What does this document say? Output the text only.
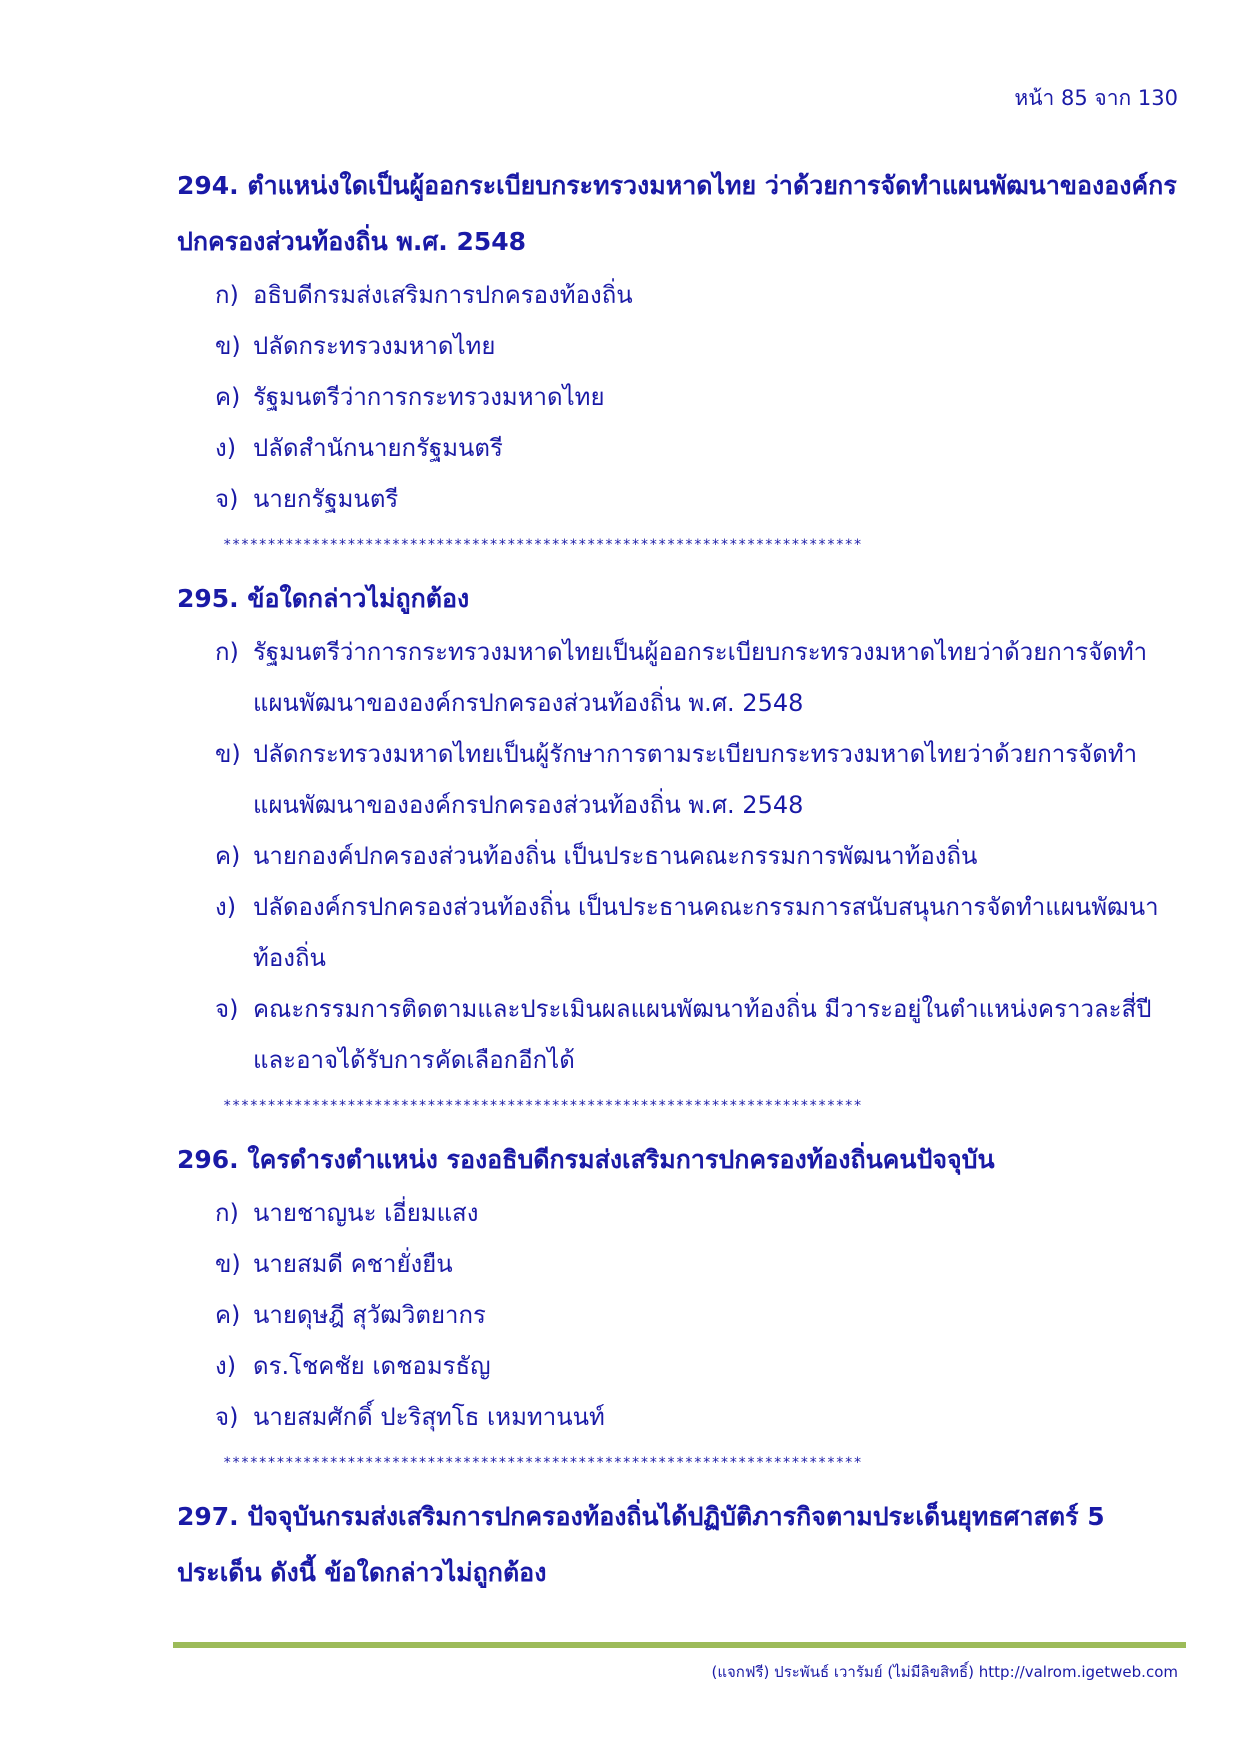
หน้า 85 จาก 130

294. ตำแหน่งใดเป็นผู้ออกระเบียบกระทรวงมหาดไทย ว่าด้วยการจัดทำแผนพัฒนาขององค์กรปกครองส่วนท้องถิ่น พ.ศ. 2548

ก) อธิบดีกรมส่งเสริมการปกครองท้องถิ่น
ข) ปลัดกระทรวงมหาดไทย
ค) รัฐมนตรีว่าการกระทรวงมหาดไทย
ง) ปลัดสำนักนายกรัฐมนตรี
จ) นายกรัฐมนตรี
************************************************************************

295. ข้อใดกล่าวไม่ถูกต้อง

ก) รัฐมนตรีว่าการกระทรวงมหาดไทยเป็นผู้ออกระเบียบกระทรวงมหาดไทยว่าด้วยการจัดทำแผนพัฒนาขององค์กรปกครองส่วนท้องถิ่น พ.ศ. 2548
ข) ปลัดกระทรวงมหาดไทยเป็นผู้รักษาการตามระเบียบกระทรวงมหาดไทยว่าด้วยการจัดทำแผนพัฒนาขององค์กรปกครองส่วนท้องถิ่น พ.ศ. 2548
ค) นายกองค์ปกครองส่วนท้องถิ่น เป็นประธานคณะกรรมการพัฒนาท้องถิ่น
ง) ปลัดองค์กรปกครองส่วนท้องถิ่น เป็นประธานคณะกรรมการสนับสนุนการจัดทำแผนพัฒนาท้องถิ่น
จ) คณะกรรมการติดตามและประเมินผลแผนพัฒนาท้องถิ่น มีวาระอยู่ในตำแหน่งคราวละสี่ปีและอาจได้รับการคัดเลือกอีกได้
************************************************************************

296. ใครดำรงตำแหน่ง รองอธิบดีกรมส่งเสริมการปกครองท้องถิ่นคนปัจจุบัน

ก) นายชาญนะ เอี่ยมแสง
ข) นายสมดี คชายั่งยืน
ค) นายดุษฎี สุวัฒวิตยากร
ง) ดร.โชคชัย เดชอมรธัญ
จ) นายสมศักดิ์ ปะริสุทโธ เหมทานนท์
************************************************************************

297. ปัจจุบันกรมส่งเสริมการปกครองท้องถิ่นได้ปฏิบัติภารกิจตามประเด็นยุทธศาสตร์ 5 ประเด็น ดังนี้ ข้อใดกล่าวไม่ถูกต้อง

(แจกฟรี) ประพันธ์ เวารัมย์ (ไม่มีลิขสิทธิ์) http://valrom.igetweb.com
